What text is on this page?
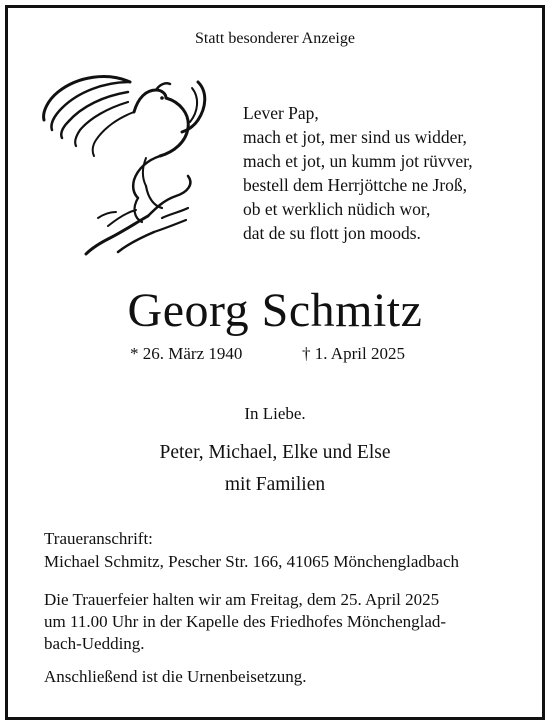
Statt besonderer Anzeige
Lever Pap,
mach et jot, mer sind us widder,
mach et jot, un kumm jot rüvver,
bestell dem Herrjöttche ne Jroß,
ob et werklich nüdich wor,
dat de su flott jon moods.
Georg Schmitz
* 26. März 1940	† 1. April 2025
In Liebe.
Peter, Michael, Elke und Else
mit Familien
Traueranschrift:
Michael Schmitz, Pescher Str. 166, 41065 Mönchengladbach
Die Trauerfeier halten wir am Freitag, dem 25. April 2025
um 11.00 Uhr in der Kapelle des Friedhofes Mönchenglad-
bach-Uedding.
Anschließend ist die Urnenbeisetzung.
